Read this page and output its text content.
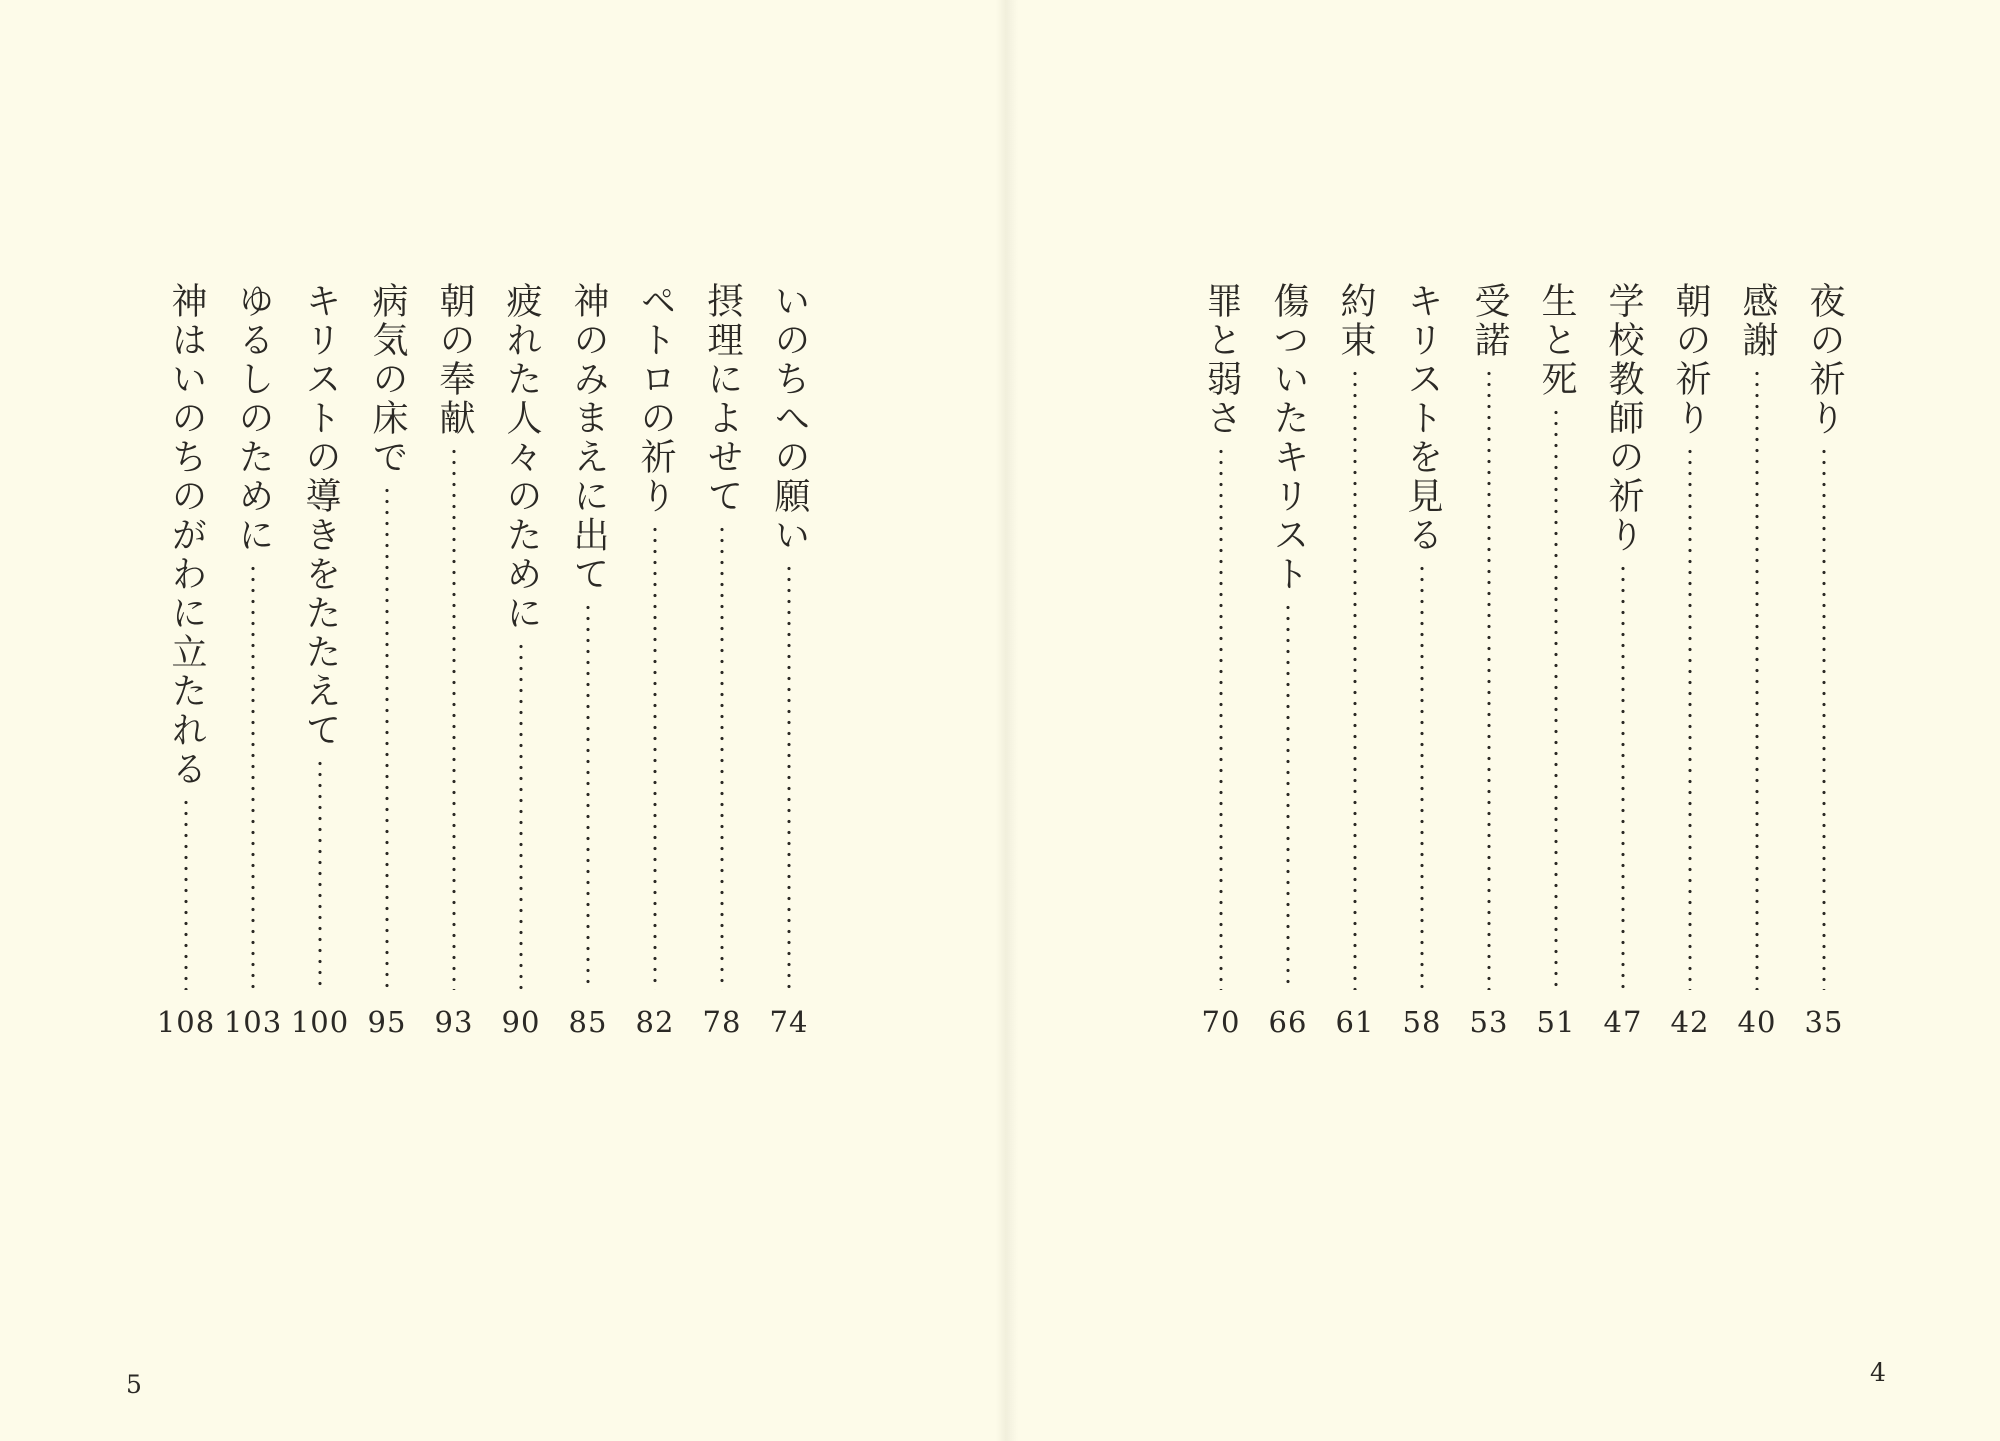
いのちへの願い
74
摂理によせて
78
ペトロの祈り
82
神のみまえに出て
85
疲れた人々のために
90
朝の奉献
93
病気の床で
95
キリストの導きをたたえて
100
ゆるしのために
103
神はいのちのがわに立たれる
108
夜の祈り
35
感謝
40
朝の祈り
42
学校教師の祈り
47
生と死
51
受諾
53
キリストを見る
58
約束
61
傷ついたキリスト
66
罪と弱さ
70
5	4
